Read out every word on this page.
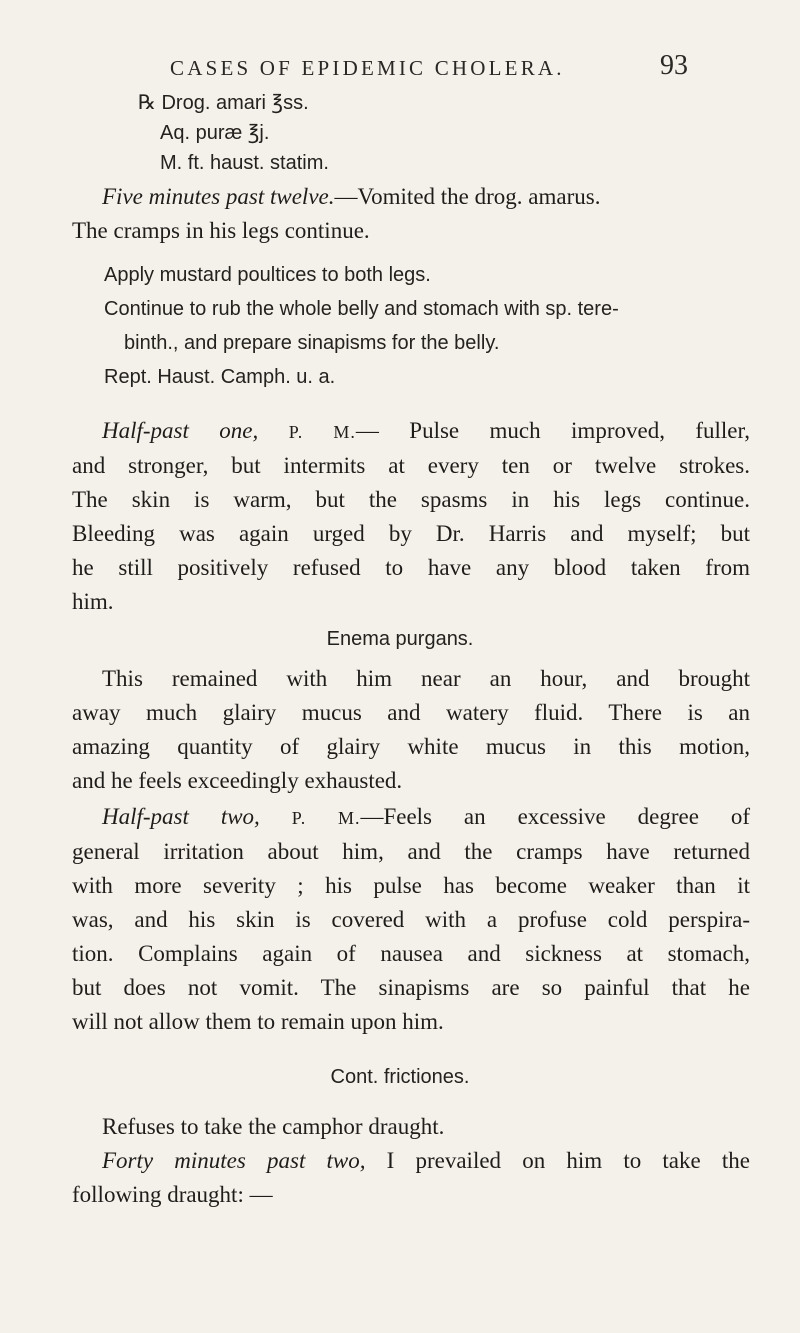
CASES OF EPIDEMIC CHOLERA.	93
℞ Drog. amari ℥ss.
Aq. puræ ℥j.
M. ft. haust. statim.
Five minutes past twelve.—Vomited the drog. amarus.
The cramps in his legs continue.
Apply mustard poultices to both legs.
Continue to rub the whole belly and stomach with sp. tere-
binth., and prepare sinapisms for the belly.
Rept. Haust. Camph. u. a.
Half-past one, P. M.— Pulse much improved, fuller,
and stronger, but intermits at every ten or twelve strokes.
The skin is warm, but the spasms in his legs continue.
Bleeding was again urged by Dr. Harris and myself; but
he still positively refused to have any blood taken from
him.
Enema purgans.
This remained with him near an hour, and brought
away much glairy mucus and watery fluid. There is an
amazing quantity of glairy white mucus in this motion,
and he feels exceedingly exhausted.
Half-past two, P. M.—Feels an excessive degree of
general irritation about him, and the cramps have returned
with more severity ; his pulse has become weaker than it
was, and his skin is covered with a profuse cold perspira-
tion. Complains again of nausea and sickness at stomach,
but does not vomit. The sinapisms are so painful that he
will not allow them to remain upon him.
Cont. frictiones.
Refuses to take the camphor draught.
Forty minutes past two, I prevailed on him to take the
following draught: —
